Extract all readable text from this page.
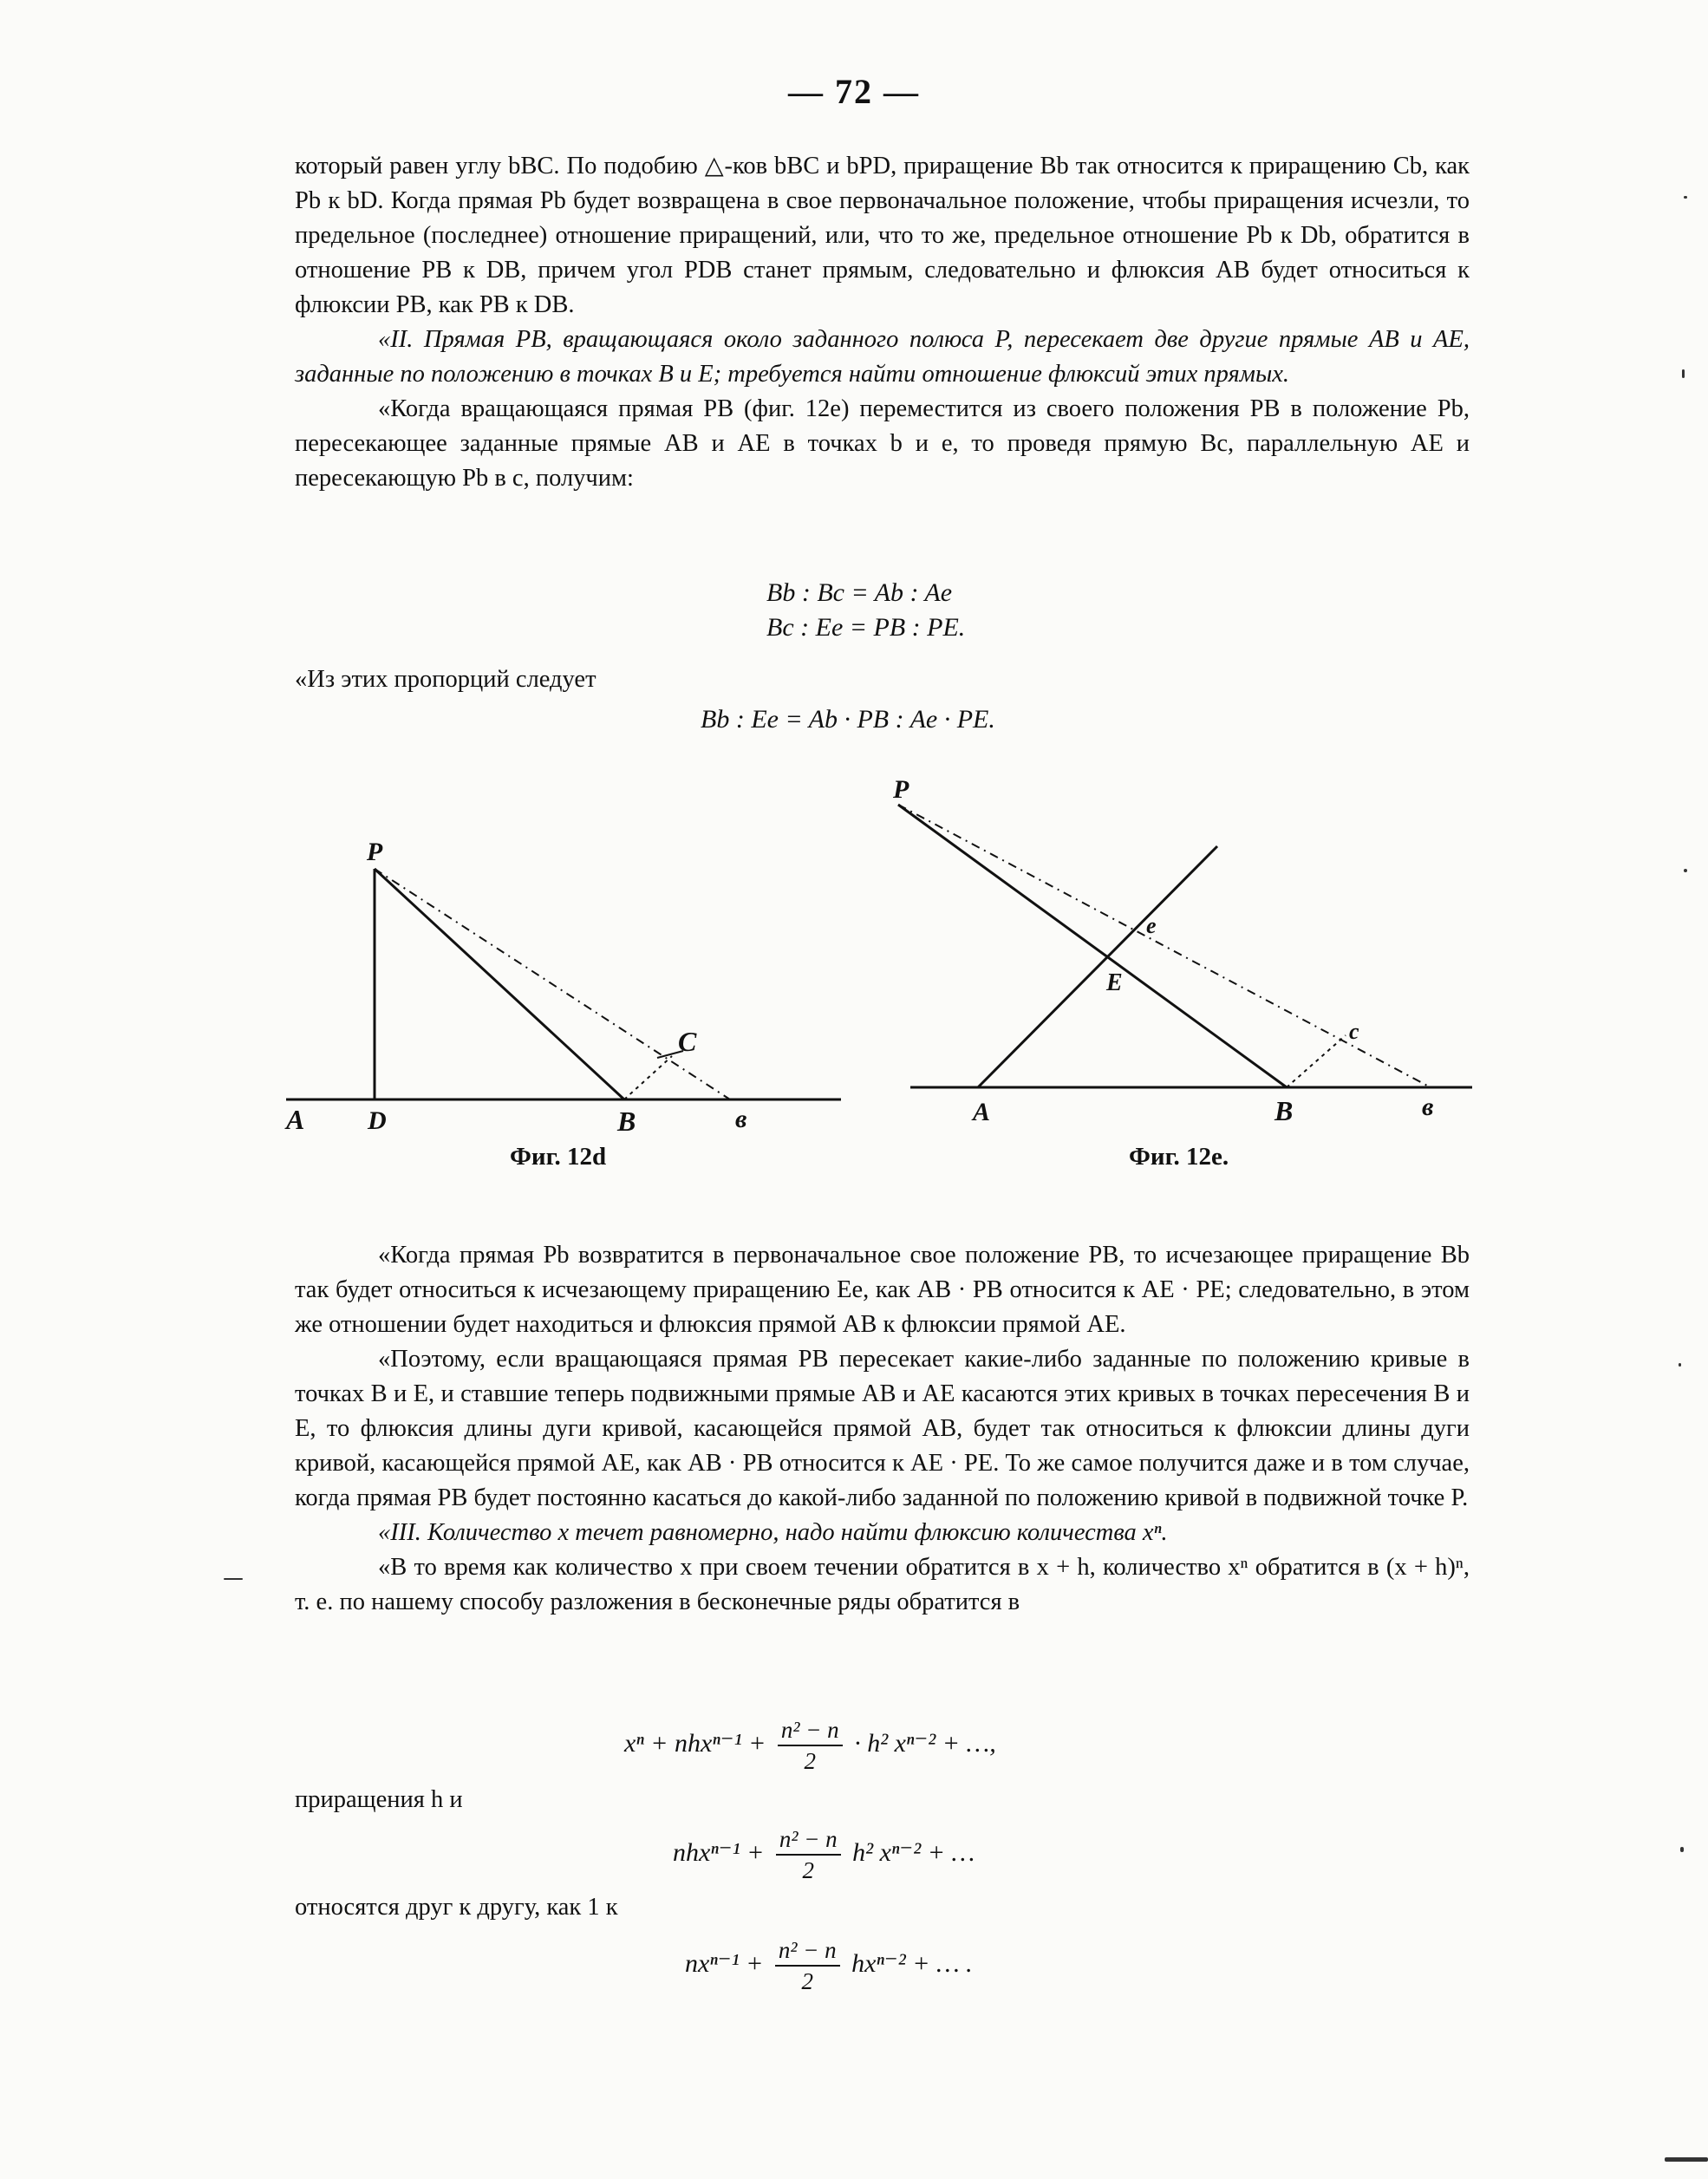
— 72 —

который равен углу bBC. По подобию △-ков bBC и bPD, приращение Bb так относится к приращению Cb, как Pb к bD. Когда прямая Pb будет возвращена в свое первоначальное положение, чтобы приращения исчезли, то предельное (последнее) отношение приращений, или, что то же, предельное отношение Pb к Db, обратится в отношение PB к DB, причем угол PDB станет прямым, следовательно и флюксия AB будет относиться к флюксии PB, как PB к DB.

«II. Прямая PB, вращающаяся около заданного полюса P, пересекает две другие прямые AB и AE, заданные по положению в точках B и E; требуется найти отношение флюксий этих прямых.

«Когда вращающаяся прямая PB (фиг. 12e) переместится из своего положения PB в положение Pb, пересекающее заданные прямые AB и AE в точках b и e, то проведя прямую Bc, параллельную AE и пересекающую Pb в c, получим:

Bb : Bc = Ab : Ae
Bc : Ee = PB : PE.

«Из этих пропорций следует

Bb : Ee = Ab · PB : Ae · PE.
P
C
A D	B	в
Фиг. 12d
P
e
E
c
A	B	в
Фиг. 12e.

«Когда прямая Pb возвратится в первоначальное свое положение PB, то исчезающее приращение Bb так будет относиться к исчезающему приращению Ee, как AB · PB относится к AE · PE; следовательно, в этом же отношении будет находиться и флюксия прямой AB к флюксии прямой AE.

«Поэтому, если вращающаяся прямая PB пересекает какие-либо заданные по положению кривые в точках B и E, и ставшие теперь подвижными прямые AB и AE касаются этих кривых в точках пересечения B и E, то флюксия длины дуги кривой, касающейся прямой AB, будет так относиться к флюксии длины дуги кривой, касающейся прямой AE, как AB · PB относится к AE · PE. То же самое получится даже и в том случае, когда прямая PB будет постоянно касаться до какой-либо заданной по положению кривой в подвижной точке P.

«III. Количество x течет равномерно, надо найти флюксию количества xⁿ.

«В то время как количество x при своем течении обратится в x + h, количество xⁿ обратится в (x + h)ⁿ, т. е. по нашему способу разложения в бесконечные ряды обратится в

$x^n + nhx^{n-1} + \frac{\text{n² − n}}{2} \cdot h^2$ xⁿ⁻² + …,

приращения h и

$nhx^{n-1} + \frac{\text{n² − n}}{2} h^2$ xⁿ⁻² + …

относятся друг к другу, как 1 к

$nx^{n-1} + \frac{\text{n² − n}}{2} hx^{n-2}$ + … .
